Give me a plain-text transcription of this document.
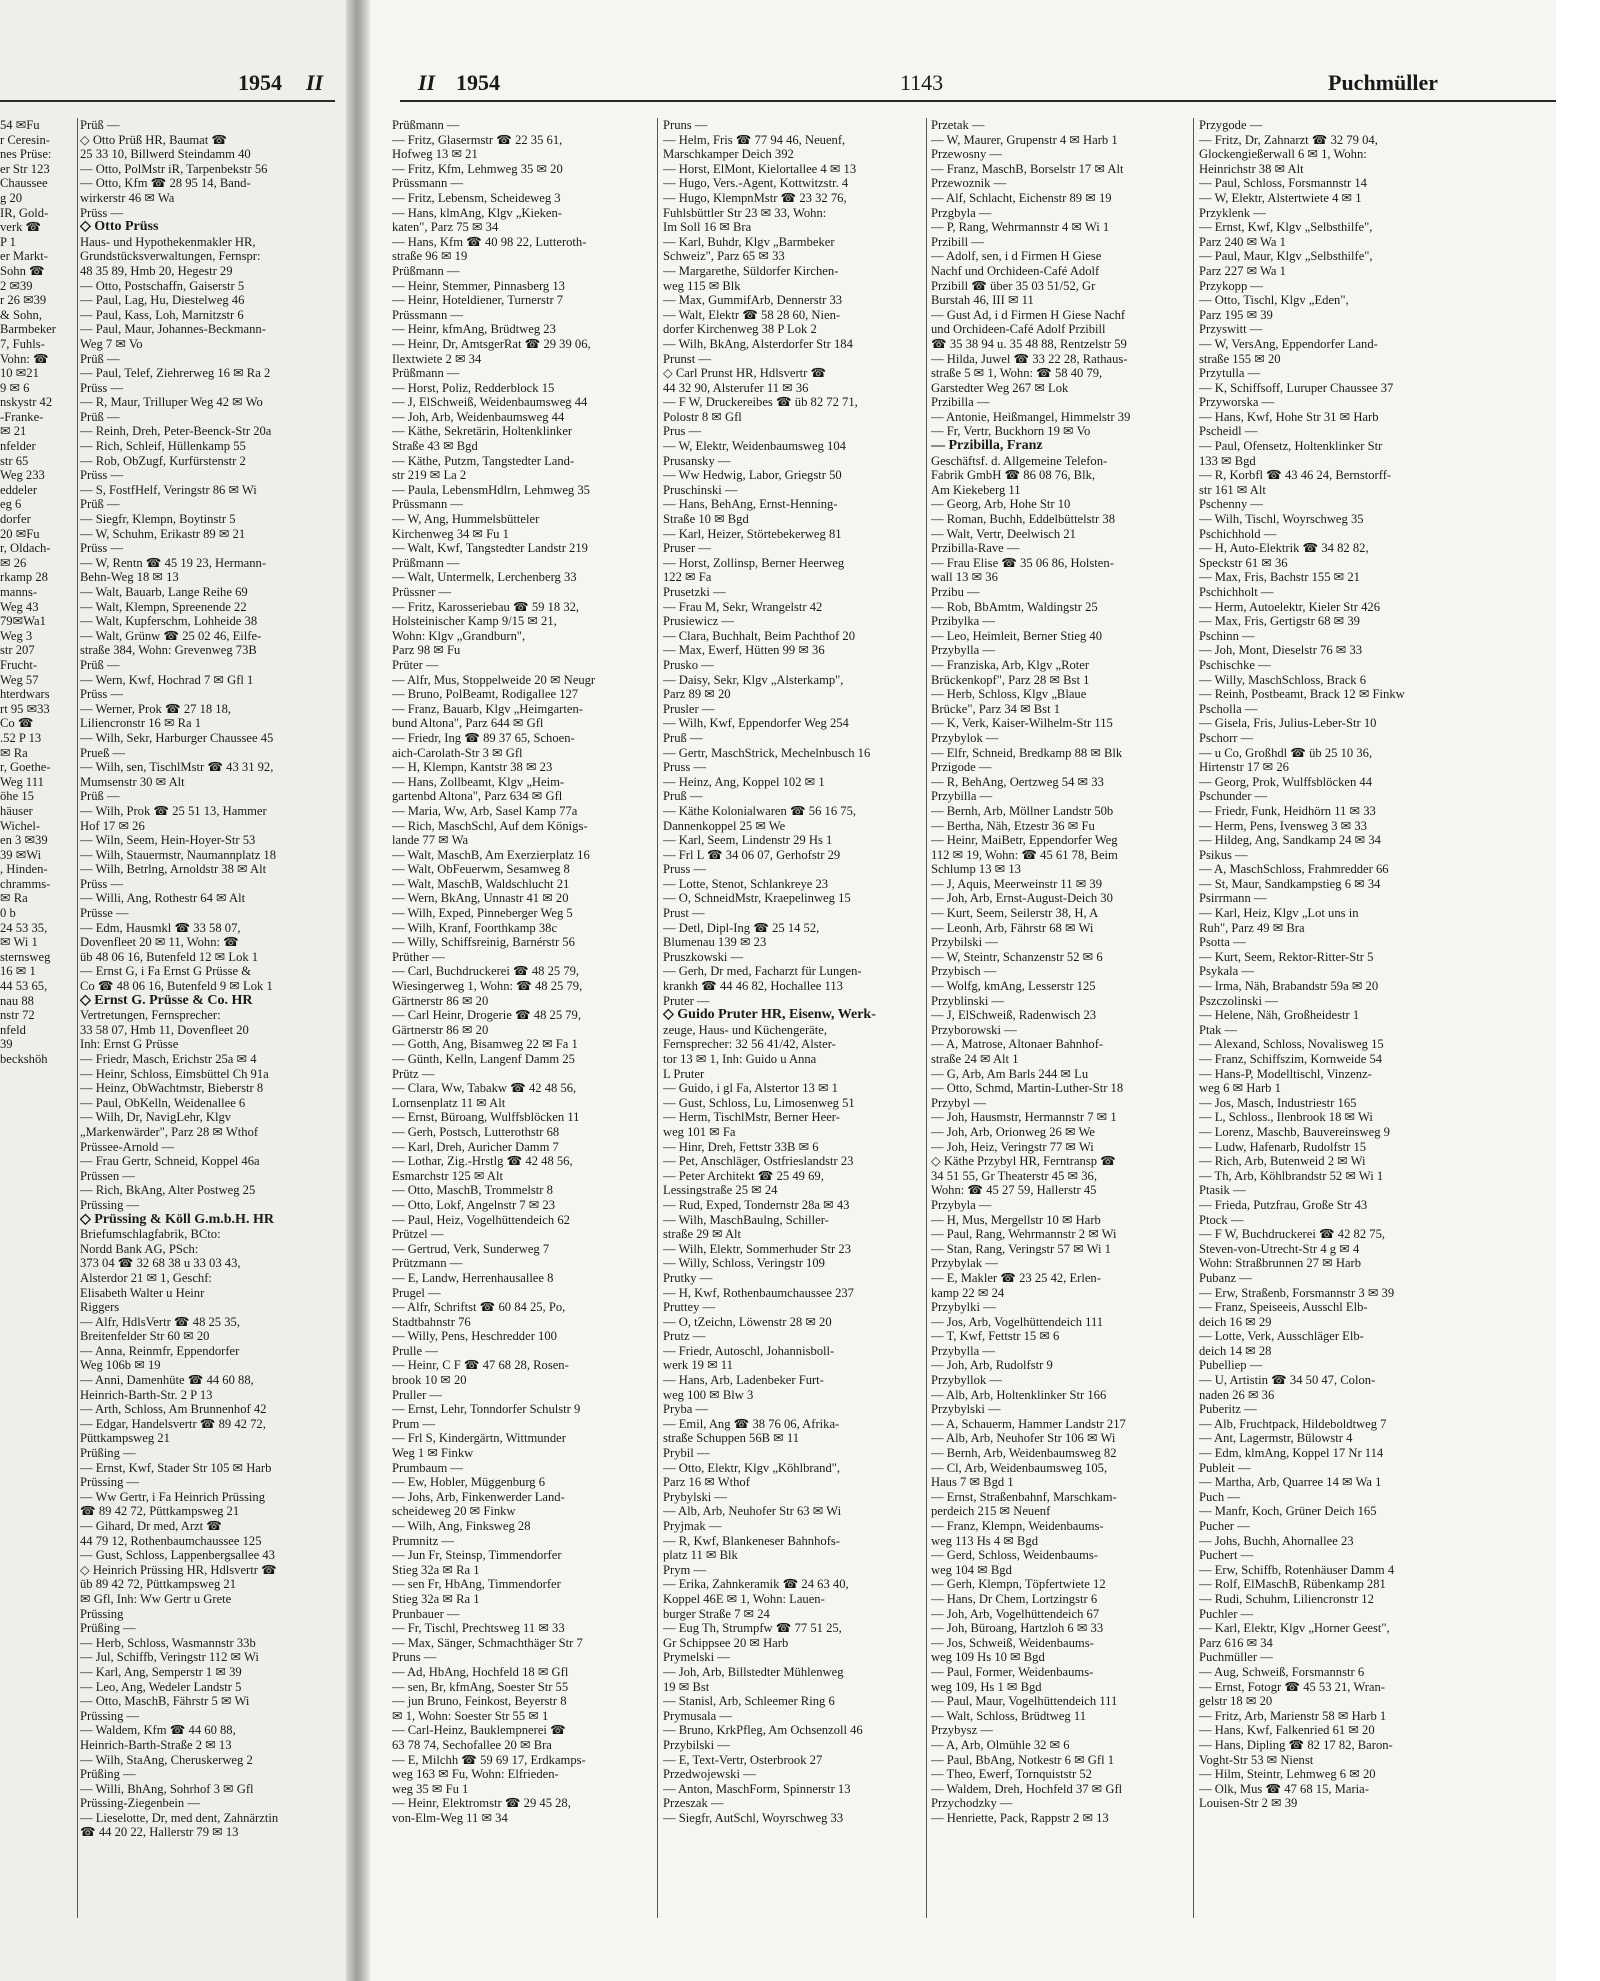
1954 II
54 ✉Fu
r Ceresin-
nes Prüse:
er Str 123
Chaussee
g 20
IR, Gold-
verk ☎
P 1
er Markt-
Sohn ☎
2 ✉39
r 26 ✉39
& Sohn,
Barmbeker
7, Fuhls-
Vohn: ☎
10 ✉21
9 ✉ 6
nskystr 42
-Franke-
✉ 21
nfelder
str 65
Weg 233
eddeler
eg 6
dorfer
20 ✉Fu
r, Oldach-
✉ 26
rkamp 28
manns-
Weg 43
79✉Wa1
Weg 3
str 207
Frucht-
Weg 57
hterdwars
rt 95 ✉33
Co ☎
.52 P 13
✉ Ra
r, Goethe-
Weg 111
öhe 15
häuser
Wichel-
en 3 ✉39
39 ✉Wi
, Hinden-
chramms-
✉ Ra
0 b
24 53 35,
✉ Wi 1
sternsweg
16 ✉ 1
44 53 65,
nau 88
nstr 72
nfeld
39
beckshöh
Prüß —
◇ Otto Prüß HR, Baumat ☎
25 33 10, Billwerd Steindamm 40
— Otto, PolMstr iR, Tarpenbekstr 56
— Otto, Kfm ☎ 28 95 14, Band-
wirkerstr 46 ✉ Wa
Prüss —
◇ Otto Prüss
Haus- und Hypothekenmakler HR,
Grundstücksverwaltungen, Fernspr:
48 35 89, Hmb 20, Hegestr 29
— Otto, Postschaffn, Gaiserstr 5
— Paul, Lag, Hu, Diestelweg 46
— Paul, Kass, Loh, Marnitzstr 6
— Paul, Maur, Johannes-Beckmann-
Weg 7 ✉ Vo
Prüß —
— Paul, Telef, Ziehrerweg 16 ✉ Ra 2
Prüss —
— R, Maur, Trilluper Weg 42 ✉ Wo
Prüß —
— Reinh, Dreh, Peter-Beenck-Str 20a
— Rich, Schleif, Hüllenkamp 55
— Rob, ObZugf, Kurfürstenstr 2
Prüss —
— S, FostfHelf, Veringstr 86 ✉ Wi
Prüß —
— Siegfr, Klempn, Boytinstr 5
— W, Schuhm, Erikastr 89 ✉ 21
Prüss —
— W, Rentn ☎ 45 19 23, Hermann-
Behn-Weg 18 ✉ 13
— Walt, Bauarb, Lange Reihe 69
— Walt, Klempn, Spreenende 22
— Walt, Kupferschm, Lohheide 38
— Walt, Grünw ☎ 25 02 46, Eilfe-
straße 384, Wohn: Grevenweg 73B
Prüß —
— Wern, Kwf, Hochrad 7 ✉ Gfl 1
Prüss —
— Werner, Prok ☎ 27 18 18,
Liliencronstr 16 ✉ Ra 1
— Wilh, Sekr, Harburger Chaussee 45
Prueß —
— Wilh, sen, TischlMstr ☎ 43 31 92,
Mumsenstr 30 ✉ Alt
Prüß —
— Wilh, Prok ☎ 25 51 13, Hammer
Hof 17 ✉ 26
— Wiln, Seem, Hein-Hoyer-Str 53
— Wilh, Stauermstr, Naumannplatz 18
— Wilh, Betrlng, Arnoldstr 38 ✉ Alt
Prüss —
— Willi, Ang, Rothestr 64 ✉ Alt
Prüsse —
— Edm, Hausmkl ☎ 33 58 07,
Dovenfleet 20 ✉ 11, Wohn: ☎
üb 48 06 16, Butenfeld 12 ✉ Lok 1
— Ernst G, i Fa Ernst G Prüsse &
Co ☎ 48 06 16, Butenfeld 9 ✉ Lok 1
◇ Ernst G. Prüsse & Co. HR
Vertretungen, Fernsprecher:
33 58 07, Hmb 11, Dovenfleet 20
Inh: Ernst G Prüsse
— Friedr, Masch, Erichstr 25a ✉ 4
— Heinr, Schloss, Eimsbüttel Ch 91a
— Heinz, ObWachtmstr, Bieberstr 8
— Paul, ObKelln, Weidenallee 6
— Wilh, Dr, NavigLehr, Klgv
„Markenwärder", Parz 28 ✉ Wthof
Prüssee-Arnold —
— Frau Gertr, Schneid, Koppel 46a
Prüssen —
— Rich, BkAng, Alter Postweg 25
Prüssing —
◇ Prüssing & Köll G.m.b.H. HR
Briefumschlagfabrik, BCto:
Nordd Bank AG, PSch:
373 04 ☎ 32 68 38 u 33 03 43,
Alsterdor 21 ✉ 1, Geschf:
Elisabeth Walter u Heinr
Riggers
— Alfr, HdlsVertr ☎ 48 25 35,
Breitenfelder Str 60 ✉ 20
— Anna, Reinmfr, Eppendorfer
Weg 106b ✉ 19
— Anni, Damenhüte ☎ 44 60 88,
Heinrich-Barth-Str. 2 P 13
— Arth, Schloss, Am Brunnenhof 42
— Edgar, Handelsvertr ☎ 89 42 72,
Püttkampsweg 21
Prüßing —
— Ernst, Kwf, Stader Str 105 ✉ Harb
Prüssing —
— Ww Gertr, i Fa Heinrich Prüssing
☎ 89 42 72, Püttkampsweg 21
— Gihard, Dr med, Arzt ☎
44 79 12, Rothenbaumchaussee 125
— Gust, Schloss, Lappenbergsallee 43
◇ Heinrich Prüssing HR, Hdlsvertr ☎
üb 89 42 72, Püttkampsweg 21
✉ Gfl, Inh: Ww Gertr u Grete
Prüssing
Prüßing —
— Herb, Schloss, Wasmannstr 33b
— Jul, Schiffb, Veringstr 112 ✉ Wi
— Karl, Ang, Semperstr 1 ✉ 39
— Leo, Ang, Wedeler Landstr 5
— Otto, MaschB, Fährstr 5 ✉ Wi
Prüssing —
— Waldem, Kfm ☎ 44 60 88,
Heinrich-Barth-Straße 2 ✉ 13
— Wilh, StaAng, Cheruskerweg 2
Prüßing —
— Willi, BhAng, Sohrhof 3 ✉ Gfl
Prüssing-Ziegenbein —
— Lieselotte, Dr, med dent, Zahnärztin
☎ 44 20 22, Hallerstr 79 ✉ 13
II 1954	1143	Puchmüller
Prüßmann —
— Fritz, Glasermstr ☎ 22 35 61,
Hofweg 13 ✉ 21
— Fritz, Kfm, Lehmweg 35 ✉ 20
Prüssmann —
— Fritz, Lebensm, Scheideweg 3
— Hans, klmAng, Klgv „Kieken-
katen", Parz 75 ✉ 34
— Hans, Kfm ☎ 40 98 22, Lutteroth-
straße 96 ✉ 19
Prüßmann —
— Heinr, Stemmer, Pinnasberg 13
— Heinr, Hoteldiener, Turnerstr 7
Prüssmann —
— Heinr, kfmAng, Brüdtweg 23
— Heinr, Dr, AmtsgerRat ☎ 29 39 06,
Ilextwiete 2 ✉ 34
Prüßmann —
— Horst, Poliz, Redderblock 15
— J, ElSchweiß, Weidenbaumsweg 44
— Joh, Arb, Weidenbaumsweg 44
— Käthe, Sekretärin, Holtenklinker
Straße 43 ✉ Bgd
— Käthe, Putzm, Tangstedter Land-
str 219 ✉ La 2
— Paula, LebensmHdlrn, Lehmweg 35
Prüssmann —
— W, Ang, Hummelsbütteler
Kirchenweg 34 ✉ Fu 1
— Walt, Kwf, Tangstedter Landstr 219
Prüßmann —
— Walt, Untermelk, Lerchenberg 33
Prüssner —
— Fritz, Karosseriebau ☎ 59 18 32,
Holsteinischer Kamp 9/15 ✉ 21,
Wohn: Klgv „Grandburn",
Parz 98 ✉ Fu
Prüter —
— Alfr, Mus, Stoppelweide 20 ✉ Neugr
— Bruno, PolBeamt, Rodigallee 127
— Franz, Bauarb, Klgv „Heimgarten-
bund Altona", Parz 644 ✉ Gfl
— Friedr, Ing ☎ 89 37 65, Schoen-
aich-Carolath-Str 3 ✉ Gfl
— H, Klempn, Kantstr 38 ✉ 23
— Hans, Zollbeamt, Klgv „Heim-
gartenbd Altona", Parz 634 ✉ Gfl
— Maria, Ww, Arb, Sasel Kamp 77a
— Rich, MaschSchl, Auf dem Königs-
lande 77 ✉ Wa
— Walt, MaschB, Am Exerzierplatz 16
— Walt, ObFeuerwm, Sesamweg 8
— Walt, MaschB, Waldschlucht 21
— Wern, BkAng, Unnastr 41 ✉ 20
— Wilh, Exped, Pinneberger Weg 5
— Wilh, Kranf, Foorthkamp 38c
— Willy, Schiffsreinig, Barnérstr 56
Prüther —
— Carl, Buchdruckerei ☎ 48 25 79,
Wiesingerweg 1, Wohn: ☎ 48 25 79,
Gärtnerstr 86 ✉ 20
— Carl Heinr, Drogerie ☎ 48 25 79,
Gärtnerstr 86 ✉ 20
— Gotth, Ang, Bisamweg 22 ✉ Fa 1
— Günth, Kelln, Langenf Damm 25
Prütz —
— Clara, Ww, Tabakw ☎ 42 48 56,
Lornsenplatz 11 ✉ Alt
— Ernst, Büroang, Wulffsblöcken 11
— Gerh, Postsch, Lutterothstr 68
— Karl, Dreh, Auricher Damm 7
— Lothar, Zig.-Hrstlg ☎ 42 48 56,
Esmarchstr 125 ✉ Alt
— Otto, MaschB, Trommelstr 8
— Otto, Lokf, Angelnstr 7 ✉ 23
— Paul, Heiz, Vogelhüttendeich 62
Prützel —
— Gertrud, Verk, Sunderweg 7
Prützmann —
— E, Landw, Herrenhausallee 8
Prugel —
— Alfr, Schriftst ☎ 60 84 25, Po,
Stadtbahnstr 76
— Willy, Pens, Heschredder 100
Prulle —
— Heinr, C F ☎ 47 68 28, Rosen-
brook 10 ✉ 20
Pruller —
— Ernst, Lehr, Tonndorfer Schulstr 9
Prum —
— Frl S, Kindergärtn, Wittmunder
Weg 1 ✉ Finkw
Prumbaum —
— Ew, Hobler, Müggenburg 6
— Johs, Arb, Finkenwerder Land-
scheideweg 20 ✉ Finkw
— Wilh, Ang, Finksweg 28
Prumnitz —
— Jun Fr, Steinsp, Timmendorfer
Stieg 32a ✉ Ra 1
— sen Fr, HbAng, Timmendorfer
Stieg 32a ✉ Ra 1
Prunbauer —
— Fr, Tischl, Prechtsweg 11 ✉ 33
— Max, Sänger, Schmachthäger Str 7
Pruns —
— Ad, HbAng, Hochfeld 18 ✉ Gfl
— sen, Br, kfmAng, Soester Str 55
— jun Bruno, Feinkost, Beyerstr 8
✉ 1, Wohn: Soester Str 55 ✉ 1
— Carl-Heinz, Bauklempnerei ☎
63 78 74, Sechofallee 20 ✉ Bra
— E, Milchh ☎ 59 69 17, Erdkamps-
weg 163 ✉ Fu, Wohn: Elfrieden-
weg 35 ✉ Fu 1
— Heinr, Elektromstr ☎ 29 45 28,
von-Elm-Weg 11 ✉ 34
Pruns —
— Helm, Fris ☎ 77 94 46, Neuenf,
Marschkamper Deich 392
— Horst, ElMont, Kielortallee 4 ✉ 13
— Hugo, Vers.-Agent, Kottwitzstr. 4
— Hugo, KlempnMstr ☎ 23 32 76,
Fuhlsbüttler Str 23 ✉ 33, Wohn:
Im Soll 16 ✉ Bra
— Karl, Buhdr, Klgv „Barmbeker
Schweiz", Parz 65 ✉ 33
— Margarethe, Süldorfer Kirchen-
weg 115 ✉ Blk
— Max, GummifArb, Dennerstr 33
— Walt, Elektr ☎ 58 28 60, Nien-
dorfer Kirchenweg 38 P Lok 2
— Wilh, BkAng, Alsterdorfer Str 184
Prunst —
◇ Carl Prunst HR, Hdlsvertr ☎
44 32 90, Alsterufer 11 ✉ 36
— F W, Druckereibes ☎ üb 82 72 71,
Polostr 8 ✉ Gfl
Prus —
— W, Elektr, Weidenbaumsweg 104
Prusansky —
— Ww Hedwig, Labor, Griegstr 50
Pruschinski —
— Hans, BehAng, Ernst-Henning-
Straße 10 ✉ Bgd
— Karl, Heizer, Störtebekerweg 81
Pruser —
— Horst, Zollinsp, Berner Heerweg
122 ✉ Fa
Prusetzki —
— Frau M, Sekr, Wrangelstr 42
Prusiewicz —
— Clara, Buchhalt, Beim Pachthof 20
— Max, Ewerf, Hütten 99 ✉ 36
Prusko —
— Daisy, Sekr, Klgv „Alsterkamp",
Parz 89 ✉ 20
Prusler —
— Wilh, Kwf, Eppendorfer Weg 254
Pruß —
— Gertr, MaschStrick, Mechelnbusch 16
Pruss —
— Heinz, Ang, Koppel 102 ✉ 1
Pruß —
— Käthe Kolonialwaren ☎ 56 16 75,
Dannenkoppel 25 ✉ We
— Karl, Seem, Lindenstr 29 Hs 1
— Frl L ☎ 34 06 07, Gerhofstr 29
Pruss —
— Lotte, Stenot, Schlankreye 23
— O, SchneidMstr, Kraepelinweg 15
Prust —
— Detl, Dipl-Ing ☎ 25 14 52,
Blumenau 139 ✉ 23
Pruszkowski —
— Gerh, Dr med, Facharzt für Lungen-
krankh ☎ 44 46 82, Hochallee 113
Pruter —
◇ Guido Pruter HR, Eisenw, Werk-
zeuge, Haus- und Küchengeräte,
Fernsprecher: 32 56 41/42, Alster-
tor 13 ✉ 1, Inh: Guido u Anna
L Pruter
— Guido, i gl Fa, Alstertor 13 ✉ 1
— Gust, Schloss, Lu, Limosenweg 51
— Herm, TischlMstr, Berner Heer-
weg 101 ✉ Fa
— Hinr, Dreh, Fettstr 33B ✉ 6
— Pet, Anschläger, Ostfrieslandstr 23
— Peter Architekt ☎ 25 49 69,
Lessingstraße 25 ✉ 24
— Rud, Exped, Tondernstr 28a ✉ 43
— Wilh, MaschBaulng, Schiller-
straße 29 ✉ Alt
— Wilh, Elektr, Sommerhuder Str 23
— Willy, Schloss, Veringstr 109
Prutky —
— H, Kwf, Rothenbaumchaussee 237
Pruttey —
— O, tZeichn, Löwenstr 28 ✉ 20
Prutz —
— Friedr, Autoschl, Johannisboll-
werk 19 ✉ 11
— Hans, Arb, Ladenbeker Furt-
weg 100 ✉ Blw 3
Pryba —
— Emil, Ang ☎ 38 76 06, Afrika-
straße Schuppen 56B ✉ 11
Prybil —
— Otto, Elektr, Klgv „Köhlbrand",
Parz 16 ✉ Wthof
Prybylski —
— Alb, Arb, Neuhofer Str 63 ✉ Wi
Pryjmak —
— R, Kwf, Blankeneser Bahnhofs-
platz 11 ✉ Blk
Prym —
— Erika, Zahnkeramik ☎ 24 63 40,
Koppel 46E ✉ 1, Wohn: Lauen-
burger Straße 7 ✉ 24
— Eug Th, Strumpfw ☎ 77 51 25,
Gr Schippsee 20 ✉ Harb
Prymelski —
— Joh, Arb, Billstedter Mühlenweg
19 ✉ Bst
— Stanisl, Arb, Schleemer Ring 6
Prymusala —
— Bruno, KrkPfleg, Am Ochsenzoll 46
Przybilski —
— E, Text-Vertr, Osterbrook 27
Przedwojewski —
— Anton, MaschForm, Spinnerstr 13
Przeszak —
— Siegfr, AutSchl, Woyrschweg 33
Przetak —
— W, Maurer, Grupenstr 4 ✉ Harb 1
Przewosny —
— Franz, MaschB, Borselstr 17 ✉ Alt
Przewoznik —
— Alf, Schlacht, Eichenstr 89 ✉ 19
Przgbyla —
— P, Rang, Wehrmannstr 4 ✉ Wi 1
Przibill —
— Adolf, sen, i d Firmen H Giese
Nachf und Orchideen-Café Adolf
Przibill ☎ über 35 03 51/52, Gr
Burstah 46, III ✉ 11
— Gust Ad, i d Firmen H Giese Nachf
und Orchideen-Café Adolf Przibill
☎ 35 38 94 u. 35 48 88, Rentzelstr 59
— Hilda, Juwel ☎ 33 22 28, Rathaus-
straße 5 ✉ 1, Wohn: ☎ 58 40 79,
Garstedter Weg 267 ✉ Lok
Przibilla —
— Antonie, Heißmangel, Himmelstr 39
— Fr, Vertr, Buckhorn 19 ✉ Vo
— Przibilla, Franz
Geschäftsf. d. Allgemeine Telefon-
Fabrik GmbH ☎ 86 08 76, Blk,
Am Kiekeberg 11
— Georg, Arb, Hohe Str 10
— Roman, Buchh, Eddelbüttelstr 38
— Walt, Vertr, Deelwisch 21
Przibilla-Rave —
— Frau Elise ☎ 35 06 86, Holsten-
wall 13 ✉ 36
Przibu —
— Rob, BbAmtm, Waldingstr 25
Przibylka —
— Leo, Heimleit, Berner Stieg 40
Przybylla —
— Franziska, Arb, Klgv „Roter
Brückenkopf", Parz 28 ✉ Bst 1
— Herb, Schloss, Klgv „Blaue
Brücke", Parz 34 ✉ Bst 1
— K, Verk, Kaiser-Wilhelm-Str 115
Przybylok —
— Elfr, Schneid, Bredkamp 88 ✉ Blk
Przigode —
— R, BehAng, Oertzweg 54 ✉ 33
Przybilla —
— Bernh, Arb, Möllner Landstr 50b
— Bertha, Näh, Etzestr 36 ✉ Fu
— Heinr, MaiBetr, Eppendorfer Weg
112 ✉ 19, Wohn: ☎ 45 61 78, Beim
Schlump 13 ✉ 13
— J, Aquis, Meerweinstr 11 ✉ 39
— Joh, Arb, Ernst-August-Deich 30
— Kurt, Seem, Seilerstr 38, H, A
— Leonh, Arb, Fährstr 68 ✉ Wi
Przybilski —
— W, Steintr, Schanzenstr 52 ✉ 6
Przybisch —
— Wolfg, kmAng, Lesserstr 125
Przyblinski —
— J, ElSchweiß, Radenwisch 23
Przyborowski —
— A, Matrose, Altonaer Bahnhof-
straße 24 ✉ Alt 1
— G, Arb, Am Barls 244 ✉ Lu
— Otto, Schmd, Martin-Luther-Str 18
Przybyl —
— Joh, Hausmstr, Hermannstr 7 ✉ 1
— Joh, Arb, Orionweg 26 ✉ We
— Joh, Heiz, Veringstr 77 ✉ Wi
◇ Käthe Przybyl HR, Ferntransp ☎
34 51 55, Gr Theaterstr 45 ✉ 36,
Wohn: ☎ 45 27 59, Hallerstr 45
Przybyla —
— H, Mus, Mergellstr 10 ✉ Harb
— Paul, Rang, Wehrmannstr 2 ✉ Wi
— Stan, Rang, Veringstr 57 ✉ Wi 1
Przybylak —
— E, Makler ☎ 23 25 42, Erlen-
kamp 22 ✉ 24
Przybylki —
— Jos, Arb, Vogelhüttendeich 111
— T, Kwf, Fettstr 15 ✉ 6
Przybylla —
— Joh, Arb, Rudolfstr 9
Przybyllok —
— Alb, Arb, Holtenklinker Str 166
Przybylski —
— A, Schauerm, Hammer Landstr 217
— Alb, Arb, Neuhofer Str 106 ✉ Wi
— Bernh, Arb, Weidenbaumsweg 82
— Cl, Arb, Weidenbaumsweg 105,
Haus 7 ✉ Bgd 1
— Ernst, Straßenbahnf, Marschkam-
perdeich 215 ✉ Neuenf
— Franz, Klempn, Weidenbaums-
weg 113 Hs 4 ✉ Bgd
— Gerd, Schloss, Weidenbaums-
weg 104 ✉ Bgd
— Gerh, Klempn, Töpfertwiete 12
— Hans, Dr Chem, Lortzingstr 6
— Joh, Arb, Vogelhüttendeich 67
— Joh, Büroang, Hartzloh 6 ✉ 33
— Jos, Schweiß, Weidenbaums-
weg 109 Hs 10 ✉ Bgd
— Paul, Former, Weidenbaums-
weg 109, Hs 1 ✉ Bgd
— Paul, Maur, Vogelhüttendeich 111
— Walt, Schloss, Brüdtweg 11
Przybysz —
— A, Arb, Olmühle 32 ✉ 6
— Paul, BbAng, Notkestr 6 ✉ Gfl 1
— Theo, Ewerf, Tornquiststr 52
— Waldem, Dreh, Hochfeld 37 ✉ Gfl
Przychodzky —
— Henriette, Pack, Rappstr 2 ✉ 13
Przygode —
— Fritz, Dr, Zahnarzt ☎ 32 79 04,
Glockengießerwall 6 ✉ 1, Wohn:
Heinrichstr 38 ✉ Alt
— Paul, Schloss, Forsmannstr 14
— W, Elektr, Alstertwiete 4 ✉ 1
Przyklenk —
— Ernst, Kwf, Klgv „Selbsthilfe",
Parz 240 ✉ Wa 1
— Paul, Maur, Klgv „Selbsthilfe",
Parz 227 ✉ Wa 1
Przykopp —
— Otto, Tischl, Klgv „Eden",
Parz 195 ✉ 39
Przyswitt —
— W, VersAng, Eppendorfer Land-
straße 155 ✉ 20
Przytulla —
— K, Schiffsoff, Luruper Chaussee 37
Przyworska —
— Hans, Kwf, Hohe Str 31 ✉ Harb
Pscheidl —
— Paul, Ofensetz, Holtenklinker Str
133 ✉ Bgd
— R, Korbfl ☎ 43 46 24, Bernstorff-
str 161 ✉ Alt
Pschenny —
— Wilh, Tischl, Woyrschweg 35
Pschichhold —
— H, Auto-Elektrik ☎ 34 82 82,
Speckstr 61 ✉ 36
— Max, Fris, Bachstr 155 ✉ 21
Pschichholt —
— Herm, Autoelektr, Kieler Str 426
— Max, Fris, Gertigstr 68 ✉ 39
Pschinn —
— Joh, Mont, Dieselstr 76 ✉ 33
Pschischke —
— Willy, MaschSchloss, Brack 6
— Reinh, Postbeamt, Brack 12 ✉ Finkw
Pscholla —
— Gisela, Fris, Julius-Leber-Str 10
Pschorr —
— u Co, Großhdl ☎ üb 25 10 36,
Hirtenstr 17 ✉ 26
— Georg, Prok, Wulffsblöcken 44
Pschunder —
— Friedr, Funk, Heidhörn 11 ✉ 33
— Herm, Pens, Ivensweg 3 ✉ 33
— Hildeg, Ang, Sandkamp 24 ✉ 34
Psikus —
— A, MaschSchloss, Frahmredder 66
— St, Maur, Sandkampstieg 6 ✉ 34
Psirrmann —
— Karl, Heiz, Klgv „Lot uns in
Ruh", Parz 49 ✉ Bra
Psotta —
— Kurt, Seem, Rektor-Ritter-Str 5
Psykala —
— Irma, Näh, Brabandstr 59a ✉ 20
Pszczolinski —
— Helene, Näh, Großheidestr 1
Ptak —
— Alexand, Schloss, Novalisweg 15
— Franz, Schiffszim, Kornweide 54
— Hans-P, Modelltischl, Vinzenz-
weg 6 ✉ Harb 1
— Jos, Masch, Industriestr 165
— L, Schloss., Ilenbrook 18 ✉ Wi
— Lorenz, Maschb, Bauvereinsweg 9
— Ludw, Hafenarb, Rudolfstr 15
— Rich, Arb, Butenweid 2 ✉ Wi
— Th, Arb, Köhlbrandstr 52 ✉ Wi 1
Ptasik —
— Frieda, Putzfrau, Große Str 43
Ptock —
— F W, Buchdruckerei ☎ 42 82 75,
Steven-von-Utrecht-Str 4 g ✉ 4
Wohn: Straßbrunnen 27 ✉ Harb
Pubanz —
— Erw, Straßenb, Forsmannstr 3 ✉ 39
— Franz, Speiseeis, Ausschl Elb-
deich 16 ✉ 29
— Lotte, Verk, Ausschläger Elb-
deich 14 ✉ 28
Pubelliер —
— U, Artistin ☎ 34 50 47, Colon-
naden 26 ✉ 36
Puberitz —
— Alb, Fruchtpack, Hildeboldtweg 7
— Ant, Lagermstr, Bülowstr 4
— Edm, klmAng, Koppel 17 Nr 114
Publeit —
— Martha, Arb, Quarree 14 ✉ Wa 1
Puch —
— Manfr, Koch, Grüner Deich 165
Pucher —
— Johs, Buchh, Ahornallee 23
Puchert —
— Erw, Schiffb, Rotenhäuser Damm 4
— Rolf, ElMaschB, Rübenkamp 281
— Rudi, Schuhm, Liliencronstr 12
Puchler —
— Karl, Elektr, Klgv „Horner Geest",
Parz 616 ✉ 34
Puchmüller —
— Aug, Schweiß, Forsmannstr 6
— Ernst, Fotogr ☎ 45 53 21, Wran-
gelstr 18 ✉ 20
— Fritz, Arb, Marienstr 58 ✉ Harb 1
— Hans, Kwf, Falkenried 61 ✉ 20
— Hans, Dipling ☎ 82 17 82, Baron-
Voght-Str 53 ✉ Nienst
— Hilm, Steintr, Lehmweg 6 ✉ 20
— Olk, Mus ☎ 47 68 15, Maria-
Louisen-Str 2 ✉ 39
